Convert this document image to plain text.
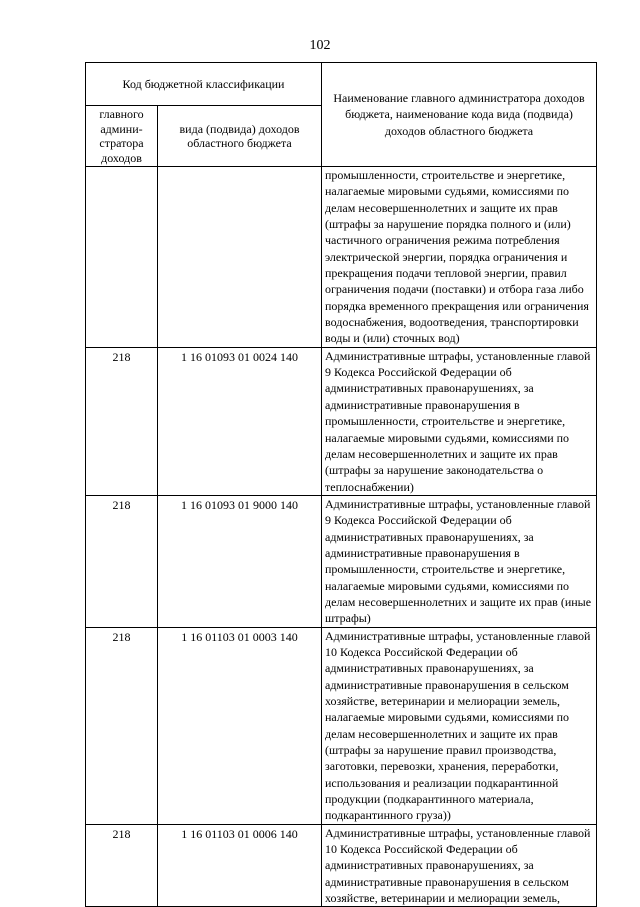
102
Код бюджетной классификации		Наименование главного администратора доходов бюджета, наименование кода вида (подвида) доходов областного бюджета
главного админи-стратора доходов	вида (подвида) доходов областного бюджета	
		промышленности, строительстве и энергетике, налагаемые мировыми судьями, комиссиями по делам несовершеннолетних и защите их прав (штрафы за нарушение порядка полного и (или) частичного ограничения режима потребления электрической энергии, порядка ограничения и прекращения подачи тепловой энергии, правил ограничения подачи (поставки) и отбора газа либо порядка временного прекращения или ограничения водоснабжения, водоотведения, транспортировки воды и (или) сточных вод)
218	1 16 01093 01 0024 140	Административные штрафы, установленные главой 9 Кодекса Российской Федерации об административных правонарушениях, за административные правонарушения в промышленности, строительстве и энергетике, налагаемые мировыми судьями, комиссиями по делам несовершеннолетних и защите их прав (штрафы за нарушение законодательства о теплоснабжении)
218	1 16 01093 01 9000 140	Административные штрафы, установленные главой 9 Кодекса Российской Федерации об административных правонарушениях, за административные правонарушения в промышленности, строительстве и энергетике, налагаемые мировыми судьями, комиссиями по делам несовершеннолетних и защите их прав (иные штрафы)
218	1 16 01103 01 0003 140	Административные штрафы, установленные главой 10 Кодекса Российской Федерации об административных правонарушениях, за административные правонарушения в сельском хозяйстве, ветеринарии и мелиорации земель, налагаемые мировыми судьями, комиссиями по делам несовершеннолетних и защите их прав (штрафы за нарушение правил производства, заготовки, перевозки, хранения, переработки, использования и реализации подкарантинной продукции (подкарантинного материала, подкарантинного груза))
218	1 16 01103 01 0006 140	Административные штрафы, установленные главой 10 Кодекса Российской Федерации об административных правонарушениях, за административные правонарушения в сельском хозяйстве, ветеринарии и мелиорации земель,
